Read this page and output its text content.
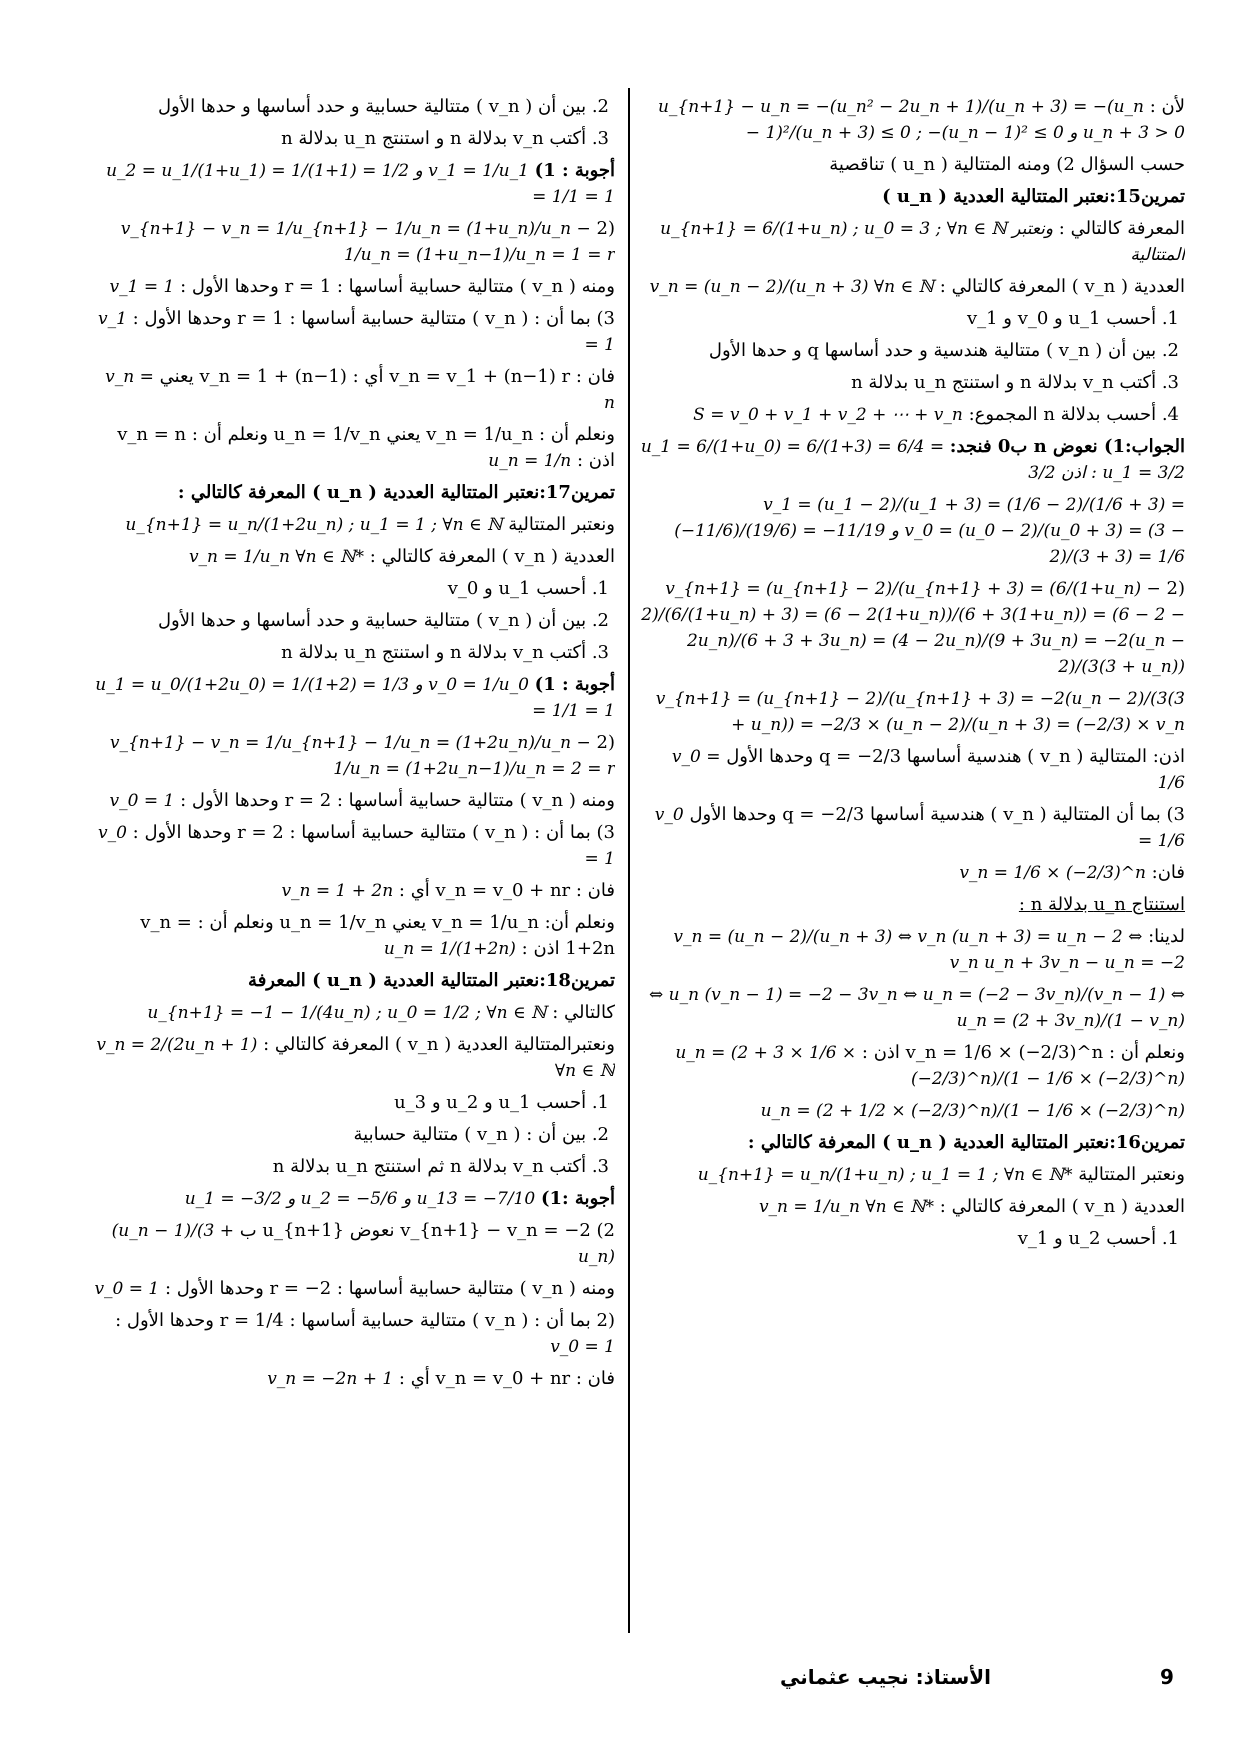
لأن : u_{n+1} − u_n = −(u_n² − 2u_n + 1)/(u_n + 3) = −(u_n − 1)²/(u_n + 3) ≤ 0 ; −(u_n − 1)² ≤ 0 و u_n + 3 > 0
حسب السؤال 2) ومنه المتتالية ( u_n ) تناقصية
تمرين15:نعتبر المتتالية العددية ( u_n )
المعرفة كالتالي : u_{n+1} = 6/(1+u_n) ; u_0 = 3 ; ∀n ∈ ℕ ونعتبر المتتالية
العددية ( v_n ) المعرفة كالتالي : v_n = (u_n − 2)/(u_n + 3) ∀n ∈ ℕ
1. أحسب u_1 و v_0 و v_1
2. بين أن ( v_n ) متتالية هندسية و حدد أساسها q و حدها الأول
3. أكتب v_n بدلالة n و استنتج u_n بدلالة n
4. أحسب بدلالة n المجموع: S = v_0 + v_1 + v_2 + ⋯ + v_n
الجواب:1) نعوض n ب0 فنجد: u_1 = 6/(1+u_0) = 6/(1+3) = 6/4 = 3/2 اذن : u_1 = 3/2
v_1 = (u_1 − 2)/(u_1 + 3) = (1/6 − 2)/(1/6 + 3) = (−11/6)/(19/6) = −11/19 و v_0 = (u_0 − 2)/(u_0 + 3) = (3 − 2)/(3 + 3) = 1/6
(2 v_{n+1} = (u_{n+1} − 2)/(u_{n+1} + 3) = (6/(1+u_n) − 2)/(6/(1+u_n) + 3) = (6 − 2(1+u_n))/(6 + 3(1+u_n)) = (6 − 2 − 2u_n)/(6 + 3 + 3u_n) = (4 − 2u_n)/(9 + 3u_n) = −2(u_n − 2)/(3(3 + u_n))
v_{n+1} = (u_{n+1} − 2)/(u_{n+1} + 3) = −2(u_n − 2)/(3(3 + u_n)) = −2/3 × (u_n − 2)/(u_n + 3) = (−2/3) × v_n
اذن: المتتالية ( v_n ) هندسية أساسها q = −2/3 وحدها الأول v_0 = 1/6
3) بما أن المتتالية ( v_n ) هندسية أساسها q = −2/3 وحدها الأول v_0 = 1/6
فان: v_n = 1/6 × (−2/3)^n
استنتاج u_n بدلالة n :
لدينا: v_n = (u_n − 2)/(u_n + 3) ⇔ v_n (u_n + 3) = u_n − 2 ⇔ v_n u_n + 3v_n − u_n = −2
⇔ u_n (v_n − 1) = −2 − 3v_n ⇔ u_n = (−2 − 3v_n)/(v_n − 1) ⇔ u_n = (2 + 3v_n)/(1 − v_n)
ونعلم أن : v_n = 1/6 × (−2/3)^n اذن : u_n = (2 + 3 × 1/6 × (−2/3)^n)/(1 − 1/6 × (−2/3)^n)
u_n = (2 + 1/2 × (−2/3)^n)/(1 − 1/6 × (−2/3)^n)
تمرين16:نعتبر المتتالية العددية ( u_n ) المعرفة كالتالي :
ونعتبر المتتالية u_{n+1} = u_n/(1+u_n) ; u_1 = 1 ; ∀n ∈ ℕ*
العددية ( v_n ) المعرفة كالتالي : v_n = 1/u_n ∀n ∈ ℕ*
1. أحسب u_2 و v_1
2. بين أن ( v_n ) متتالية حسابية و حدد أساسها و حدها الأول
3. أكتب v_n بدلالة n و استنتج u_n بدلالة n
أجوبة : 1) u_2 = u_1/(1+u_1) = 1/(1+1) = 1/2 و v_1 = 1/u_1 = 1/1 = 1
(2 v_{n+1} − v_n = 1/u_{n+1} − 1/u_n = (1+u_n)/u_n − 1/u_n = (1+u_n−1)/u_n = 1 = r
ومنه ( v_n ) متتالية حسابية أساسها : r = 1 وحدها الأول : v_1 = 1
3) بما أن : ( v_n ) متتالية حسابية أساسها : r = 1 وحدها الأول : v_1 = 1
فان : v_n = v_1 + (n−1) r أي : v_n = 1 + (n−1) يعني v_n = n
ونعلم أن : v_n = 1/u_n يعني u_n = 1/v_n ونعلم أن : v_n = n اذن : u_n = 1/n
تمرين17:نعتبر المتتالية العددية ( u_n ) المعرفة كالتالي :
ونعتبر المتتالية u_{n+1} = u_n/(1+2u_n) ; u_1 = 1 ; ∀n ∈ ℕ
العددية ( v_n ) المعرفة كالتالي : v_n = 1/u_n ∀n ∈ ℕ*
1. أحسب u_1 و v_0
2. بين أن ( v_n ) متتالية حسابية و حدد أساسها و حدها الأول
3. أكتب v_n بدلالة n و استنتج u_n بدلالة n
أجوبة : 1) u_1 = u_0/(1+2u_0) = 1/(1+2) = 1/3 و v_0 = 1/u_0 = 1/1 = 1
(2 v_{n+1} − v_n = 1/u_{n+1} − 1/u_n = (1+2u_n)/u_n − 1/u_n = (1+2u_n−1)/u_n = 2 = r
ومنه ( v_n ) متتالية حسابية أساسها : r = 2 وحدها الأول : v_0 = 1
3) بما أن : ( v_n ) متتالية حسابية أساسها : r = 2 وحدها الأول : v_0 = 1
فان : v_n = v_0 + nr أي : v_n = 1 + 2n
ونعلم أن: v_n = 1/u_n يعني u_n = 1/v_n ونعلم أن : v_n = 1+2n اذن : u_n = 1/(1+2n)
تمرين18:نعتبر المتتالية العددية ( u_n ) المعرفة
كالتالي : u_{n+1} = −1 − 1/(4u_n) ; u_0 = 1/2 ; ∀n ∈ ℕ
ونعتبرالمتتالية العددية ( v_n ) المعرفة كالتالي : v_n = 2/(2u_n + 1) ∀n ∈ ℕ
1. أحسب u_1 و u_2 و u_3
2. بين أن : ( v_n ) متتالية حسابية
3. أكتب v_n بدلالة n ثم استنتج u_n بدلالة n
أجوبة :1) u_1 = −3/2 و u_2 = −5/6 و u_13 = −7/10
2) v_{n+1} − v_n = −2 نعوض u_{n+1} ب (u_n − 1)/(3 + u_n)
ومنه ( v_n ) متتالية حسابية أساسها : r = −2 وحدها الأول : v_0 = 1
(2 بما أن : ( v_n ) متتالية حسابية أساسها : r = 1/4 وحدها الأول : v_0 = 1
فان : v_n = v_0 + nr أي : v_n = −2n + 1
9
الأستاذ: نجيب عثماني
